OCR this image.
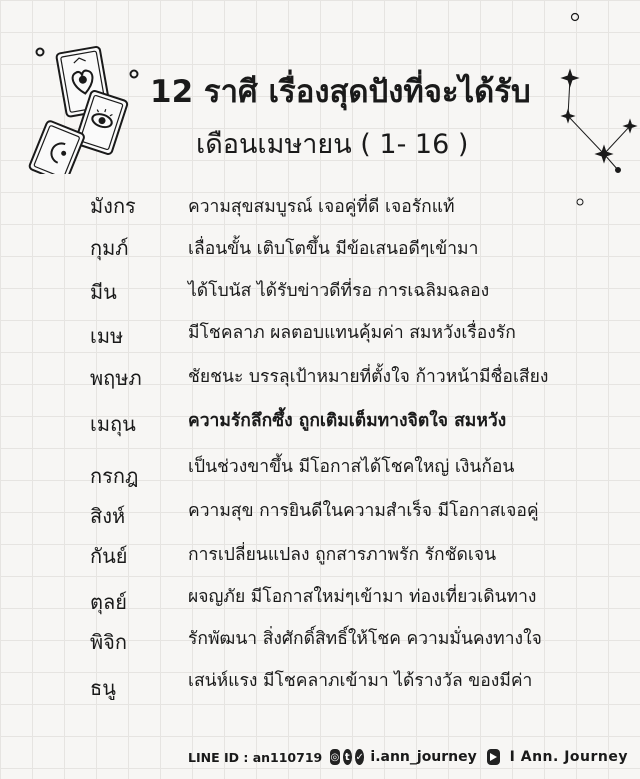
12 ราศี เรื่องสุดปังที่จะได้รับ
เดือนเมษายน ( 1- 16 )
มังกร	ความสุขสมบูรณ์ เจอคู่ที่ดี เจอรักแท้
กุมภ์	เลื่อนขั้น เติบโตขึ้น มีข้อเสนอดีๆเข้ามา
มีน	ได้โบนัส ได้รับข่าวดีที่รอ การเฉลิมฉลอง
เมษ	มีโชคลาภ ผลตอบแทนคุ้มค่า สมหวังเรื่องรัก
พฤษภ	ชัยชนะ บรรลุเป้าหมายที่ตั้งใจ ก้าวหน้ามีชื่อเสียง
เมถุน	ความรักลึกซึ้ง ถูกเติมเต็มทางจิตใจ สมหวัง
กรกฎ	เป็นช่วงขาขึ้น มีโอกาสได้โชคใหญ่ เงินก้อน
สิงห์	ความสุข การยินดีในความสำเร็จ มีโอกาสเจอคู่
กันย์	การเปลี่ยนแปลง ถูกสารภาพรัก รักชัดเจน
ตุลย์	ผจญภัย มีโอกาสใหม่ๆเข้ามา ท่องเที่ยวเดินทาง
พิจิก	รักพัฒนา สิ่งศักดิ์สิทธิ์ให้โชค ความมั่นคงทางใจ
ธนู	เสน่ห์แรง มีโชคลาภเข้ามา ได้รางวัล ของมีค่า
LINE ID : an110719 ◎ t ✓ i.ann_journey I Ann. Journey
